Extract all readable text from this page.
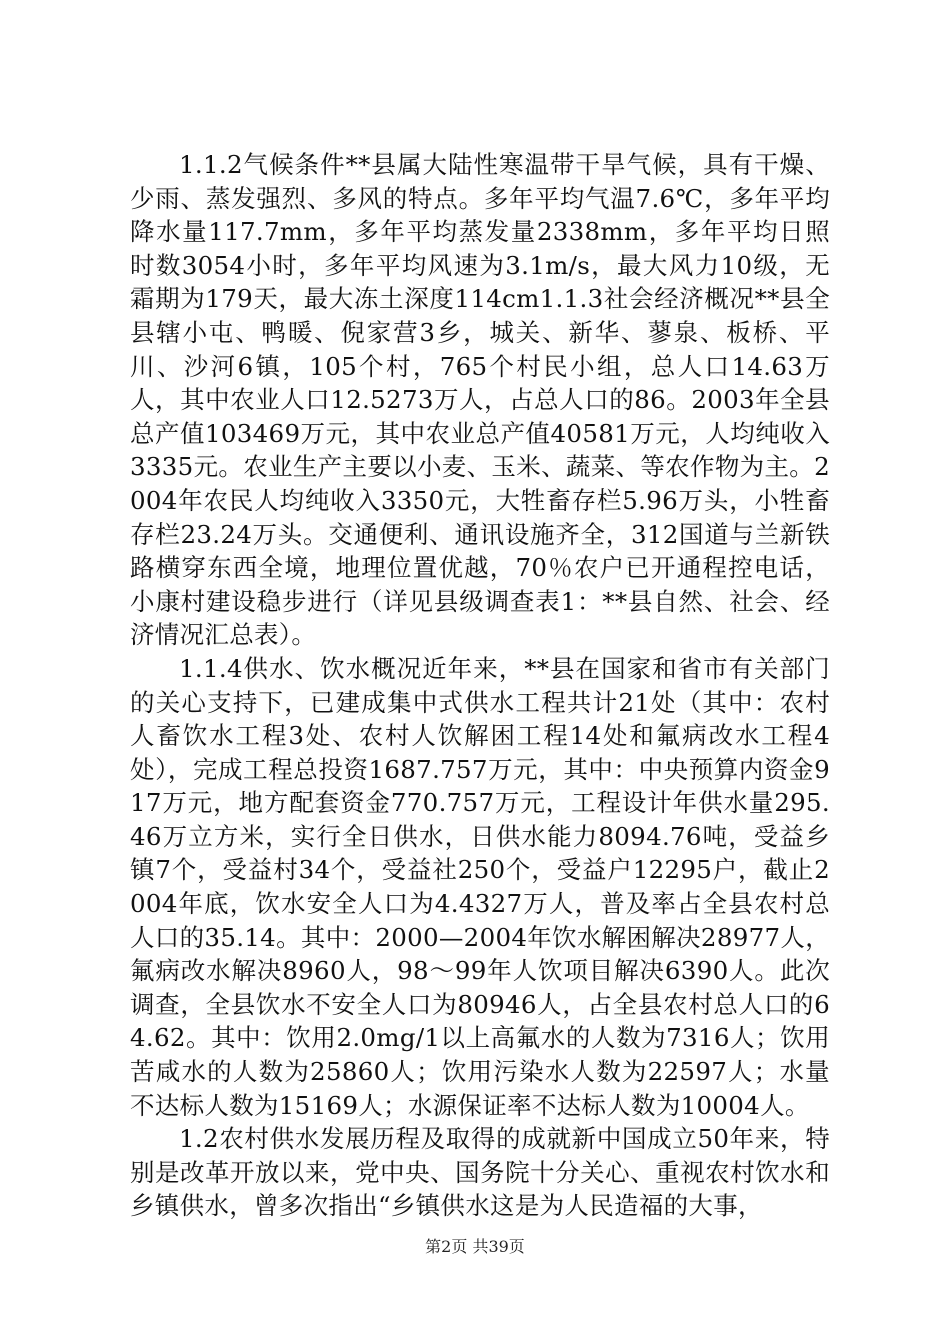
1.1.2气候条件**县属大陆性寒温带干旱气候，具有干燥、少雨、蒸发强烈、多风的特点。多年平均气温7.6℃，多年平均降水量117.7mm，多年平均蒸发量2338mm，多年平均日照时数3054小时，多年平均风速为3.1m/s，最大风力10级，无霜期为179天，最大冻土深度114cm1.1.3社会经济概况**县全县辖小屯、鸭暖、倪家营3乡，城关、新华、蓼泉、板桥、平川、沙河6镇，105个村，765个村民小组，总人口14.63万人，其中农业人口12.5273万人，占总人口的86。2003年全县总产值103469万元，其中农业总产值40581万元，人均纯收入3335元。农业生产主要以小麦、玉米、蔬菜、等农作物为主。2004年农民人均纯收入3350元，大牲畜存栏5.96万头，小牲畜存栏23.24万头。交通便利、通讯设施齐全，312国道与兰新铁路横穿东西全境，地理位置优越，70％农户已开通程控电话，小康村建设稳步进行（详见县级调查表1：**县自然、社会、经济情况汇总表）。

1.1.4供水、饮水概况近年来，**县在国家和省市有关部门的关心支持下，已建成集中式供水工程共计21处（其中：农村人畜饮水工程3处、农村人饮解困工程14处和氟病改水工程4处），完成工程总投资1687.757万元，其中：中央预算内资金917万元，地方配套资金770.757万元，工程设计年供水量295.46万立方米，实行全日供水，日供水能力8094.76吨，受益乡镇7个，受益村34个，受益社250个，受益户12295户，截止2004年底，饮水安全人口为4.4327万人，普及率占全县农村总人口的35.14。其中：2000—2004年饮水解困解决28977人，氟病改水解决8960人，98～99年人饮项目解决6390人。此次调查，全县饮水不安全人口为80946人，占全县农村总人口的64.62。其中：饮用2.0mg/1以上高氟水的人数为7316人；饮用苦咸水的人数为25860人；饮用污染水人数为22597人；水量不达标人数为15169人；水源保证率不达标人数为10004人。

1.2农村供水发展历程及取得的成就新中国成立50年来，特别是改革开放以来，党中央、国务院十分关心、重视农村饮水和乡镇供水，曾多次指出“乡镇供水这是为人民造福的大事，

第2页 共39页
